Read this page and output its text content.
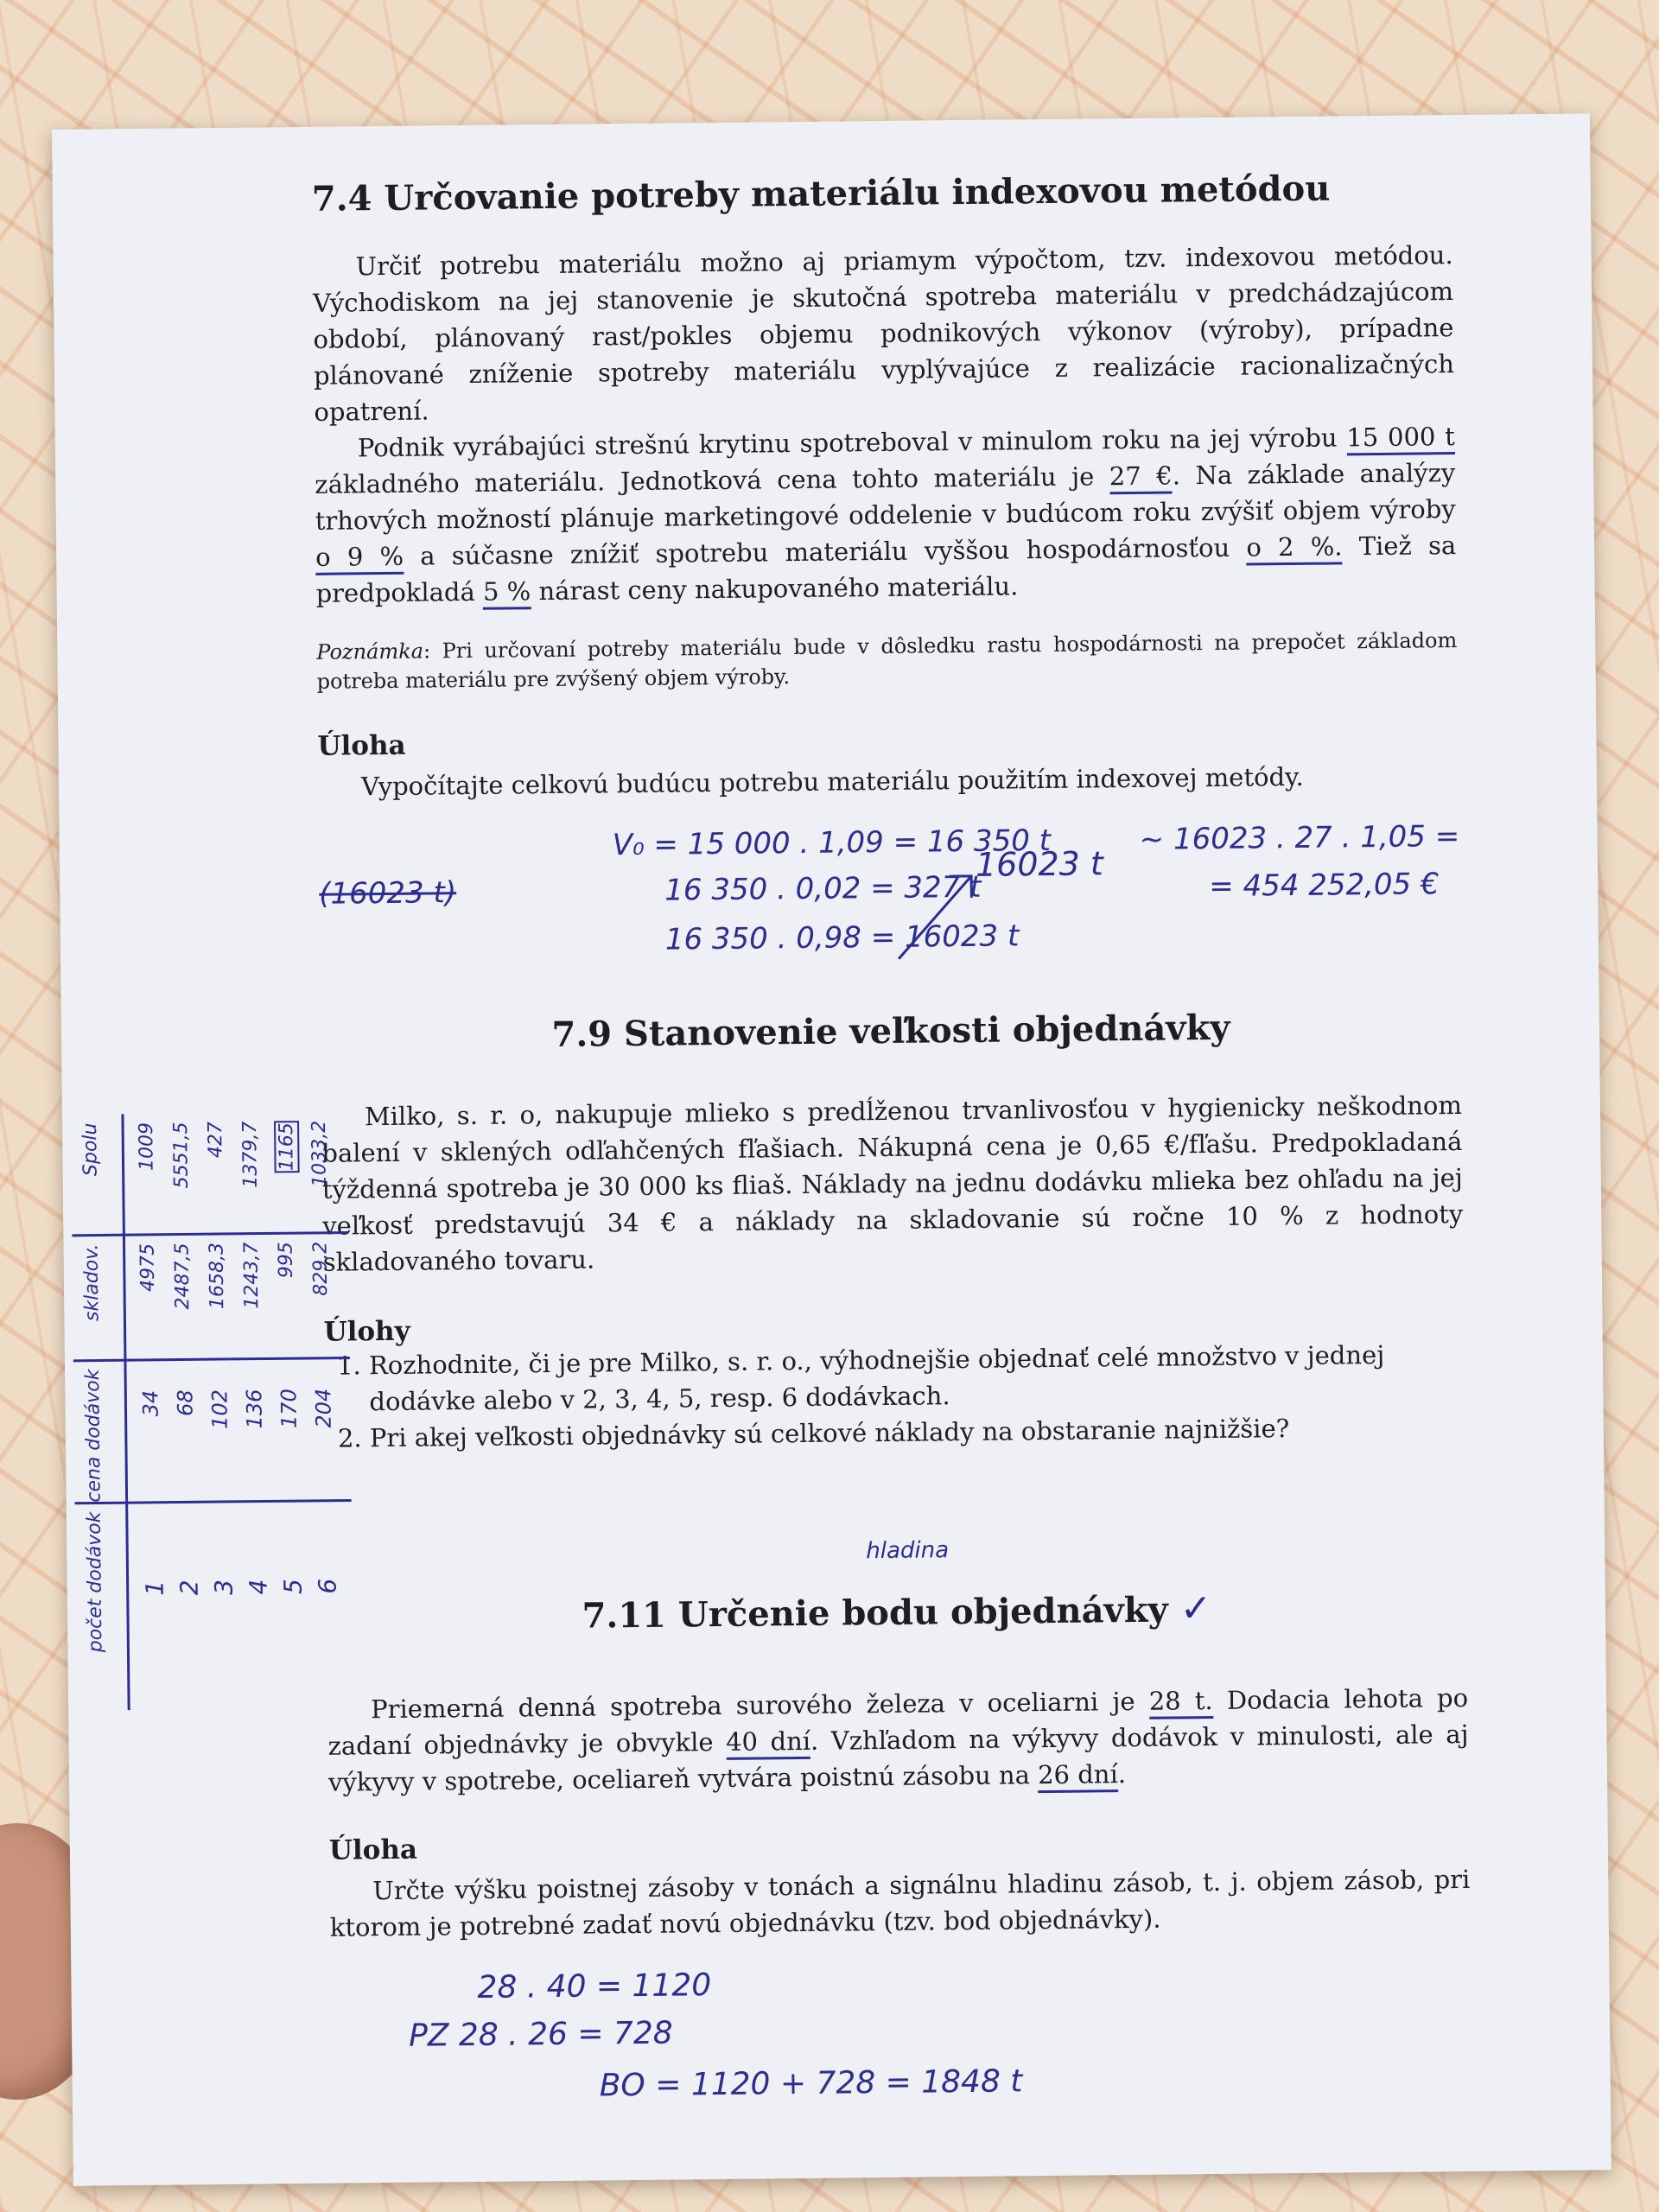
7.4 Určovanie potreby materiálu indexovou metódou

Určiť potrebu materiálu možno aj priamym výpočtom, tzv. indexovou metódou. Východiskom na jej stanovenie je skutočná spotreba materiálu v predchádzajúcom období, plánovaný rast/pokles objemu podnikových výkonov (výroby), prípadne plánované zníženie spotreby materiálu vyplývajúce z realizácie racionalizačných opatrení.

Podnik vyrábajúci strešnú krytinu spotreboval v minulom roku na jej výrobu 15 000 t základného materiálu. Jednotková cena tohto materiálu je 27 €. Na základe analýzy trhových možností plánuje marketingové oddelenie v budúcom roku zvýšiť objem výroby o 9 % a súčasne znížiť spotrebu materiálu vyššou hospodárnosťou o 2 %. Tiež sa predpokladá 5 % nárast ceny nakupovaného materiálu.

Poznámka: Pri určovaní potreby materiálu bude v dôsledku rastu hospodárnosti na prepočet základom potreba materiálu pre zvýšený objem výroby.

Úloha

Vypočítajte celkovú budúcu potrebu materiálu použitím indexovej metódy.

V₀ = 15 000 . 1,09 = 16 350 t
16 350 . 0,02 = 327 t
16 350 . 0,98 = 16023 t
16023 t
~ 16023 . 27 . 1,05 =
= 454 252,05 €
(16023 t)
7.9 Stanovenie veľkosti objednávky

Milko, s. r. o, nakupuje mlieko s predĺženou trvanlivosťou v hygienicky neškodnom balení v sklených odľahčených fľašiach. Nákupná cena je 0,65 €/fľašu. Predpokladaná týždenná spotreba je 30 000 ks fliaš. Náklady na jednu dodávku mlieka bez ohľadu na jej veľkosť predstavujú 34 € a náklady na skladovanie sú ročne 10 % z hodnoty skladovaného tovaru.

Úlohy
1. Rozhodnite, či je pre Milko, s. r. o., výhodnejšie objednať celé množstvo v jednej dodávke alebo v 2, 3, 4, 5, resp. 6 dodávkach.
2. Pri akej veľkosti objednávky sú celkové náklady na obstaranie najnižšie?
Spolu
skladov.
cena dodávok
počet dodávok
1009 5551,5 427 1379,7 1165 1033,2
4975 2487,5 1658,3 1243,7 995 829,2
34 68 102 136 170 204
1 2 3 4 5 6
hladina
7.11 Určenie bodu objednávky ✓

Priemerná denná spotreba surového železa v oceliarni je 28 t. Dodacia lehota po zadaní objednávky je obvykle 40 dní. Vzhľadom na výkyvy dodávok v minulosti, ale aj výkyvy v spotrebe, oceliareň vytvára poistnú zásobu na 26 dní.

Úloha

Určte výšku poistnej zásoby v tonách a signálnu hladinu zásob, t. j. objem zásob, pri ktorom je potrebné zadať novú objednávku (tzv. bod objednávky).

28 . 40 = 1120
PZ 28 . 26 = 728
BO = 1120 + 728 = 1848 t
